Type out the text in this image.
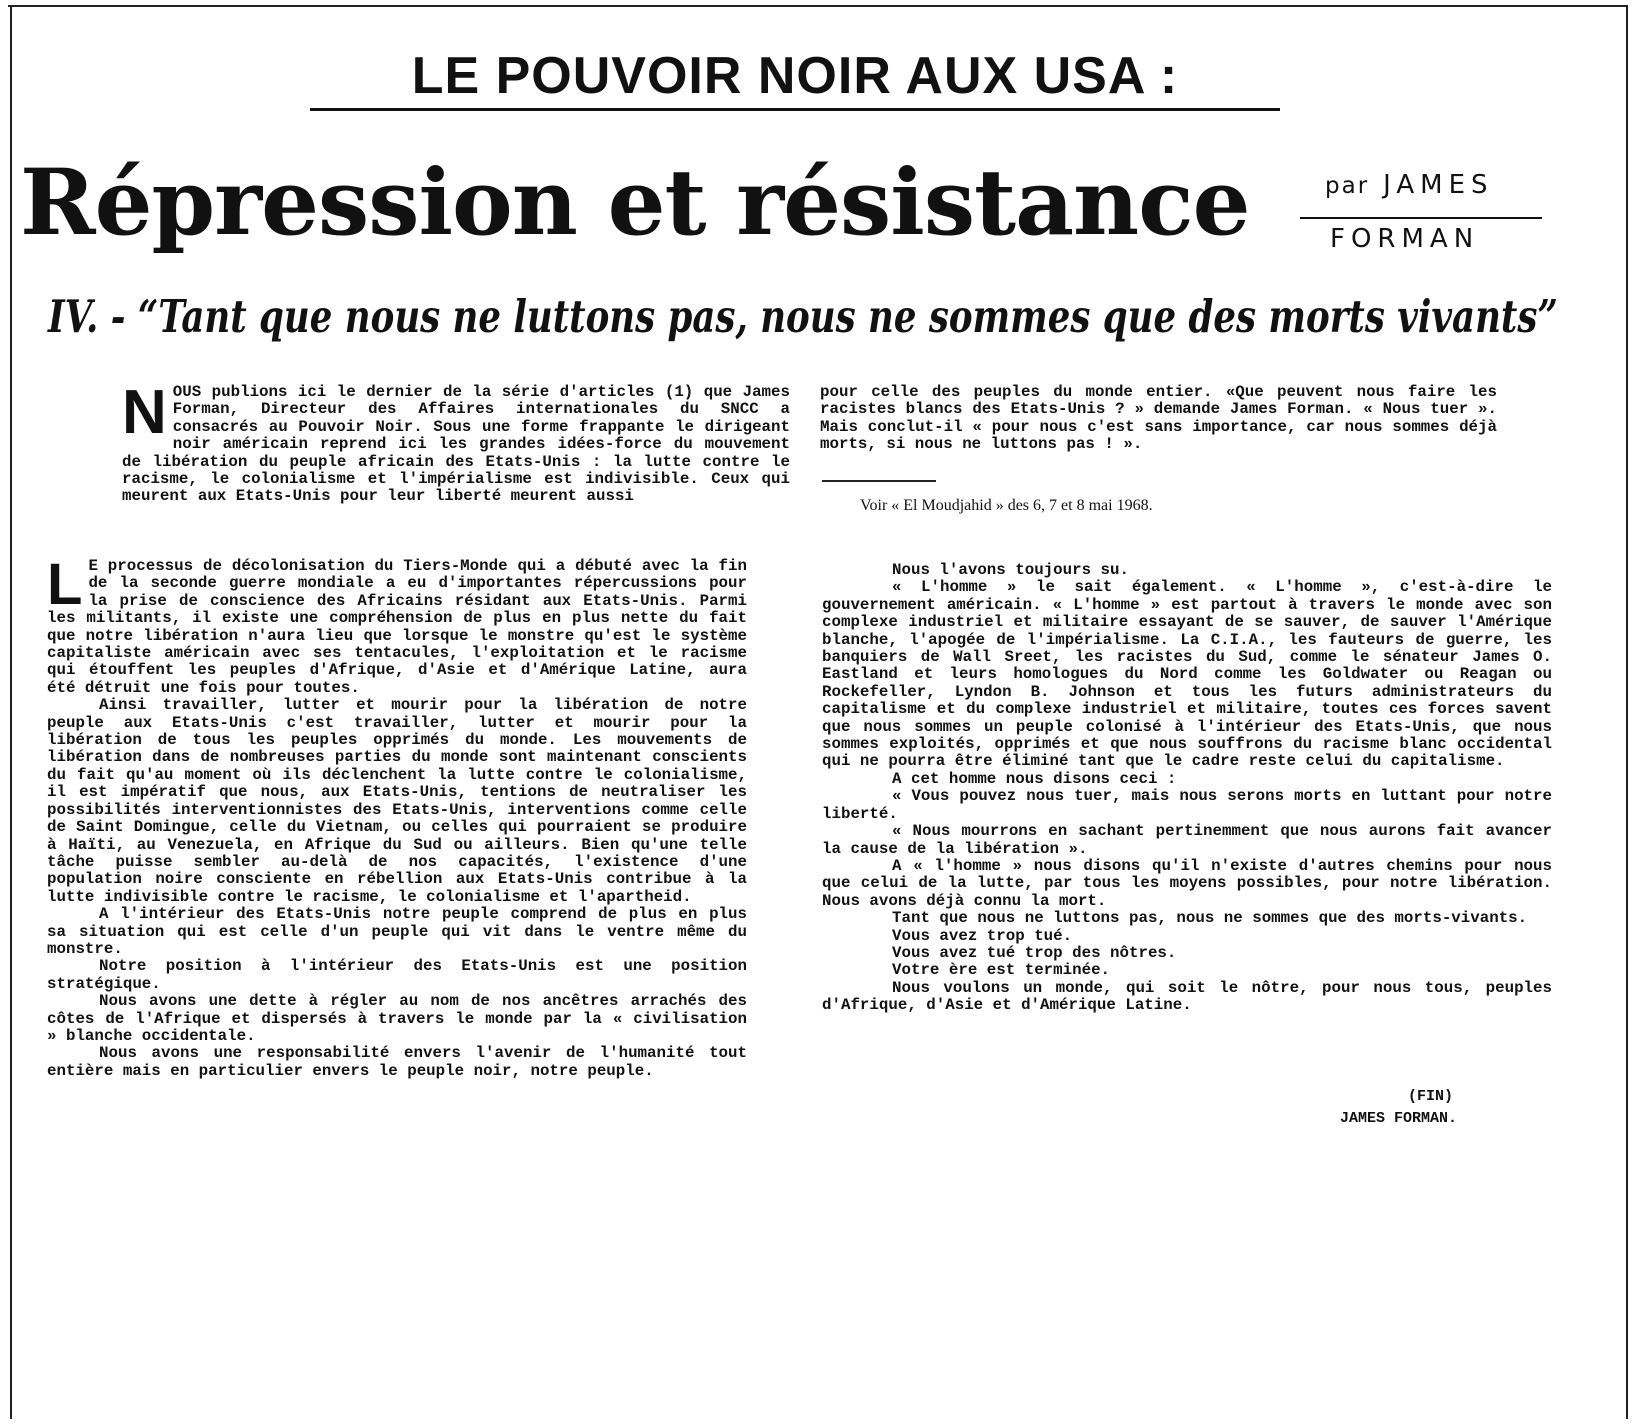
LE POUVOIR NOIR AUX USA :
Répression et résistance	par JAMES
FORMAN
IV. - “Tant que nous ne luttons pas, nous ne sommes que des morts vivants”

NOUS publions ici le dernier de la série d'articles (1) que James Forman, Directeur des Affaires internationales du SNCC a consacrés au Pouvoir Noir. Sous une forme frappante le dirigeant noir américain reprend ici les grandes idées-force du mouvement de libération du peuple africain des Etats-Unis : la lutte contre le racisme, le colonialisme et l'impérialisme est indivisible. Ceux qui meurent aux Etats-Unis pour leur liberté meurent aussi

pour celle des peuples du monde entier. «Que peuvent nous faire les racistes blancs des Etats-Unis ? » demande James Forman. « Nous tuer ». Mais conclut-il « pour nous c'est sans importance, car nous sommes déjà morts, si nous ne luttons pas ! ».

Voir « El Moudjahid » des 6, 7 et 8 mai 1968.

L E processus de décolonisation du Tiers-Monde qui a débuté avec la fin de la seconde guerre mondiale a eu d'importantes répercussions pour la prise de conscience des Africains résidant aux Etats-Unis. Parmi les militants, il existe une compréhension de plus en plus nette du fait que notre libération n'aura lieu que lorsque le monstre qu'est le système capitaliste américain avec ses tentacules, l'exploitation et le racisme qui étouffent les peuples d'Afrique, d'Asie et d'Amérique Latine, aura été détruit une fois pour toutes.

Ainsi travailler, lutter et mourir pour la libération de notre peuple aux Etats-Unis c'est travailler, lutter et mourir pour la libération de tous les peuples opprimés du monde. Les mouvements de libération dans de nombreuses parties du monde sont maintenant conscients du fait qu'au moment où ils déclenchent la lutte contre le colonialisme, il est impératif que nous, aux Etats-Unis, tentions de neutraliser les possibilités interventionnistes des Etats-Unis, interventions comme celle de Saint Domingue, celle du Vietnam, ou celles qui pourraient se produire à Haïti, au Venezuela, en Afrique du Sud ou ailleurs. Bien qu'une telle tâche puisse sembler au-delà de nos capacités, l'existence d'une population noire consciente en rébellion aux Etats-Unis contribue à la lutte indivisible contre le racisme, le colonialisme et l'apartheid.

A l'intérieur des Etats-Unis notre peuple comprend de plus en plus sa situation qui est celle d'un peuple qui vit dans le ventre même du monstre.

Notre position à l'intérieur des Etats-Unis est une position stratégique.

Nous avons une dette à régler au nom de nos ancêtres arrachés des côtes de l'Afrique et dispersés à travers le monde par la « civilisation » blanche occidentale.

Nous avons une responsabilité envers l'avenir de l'humanité tout entière mais en particulier envers le peuple noir, notre peuple.

Nous l'avons toujours su.

« L'homme » le sait également. « L'homme », c'est-à-dire le gouvernement américain. « L'homme » est partout à travers le monde avec son complexe industriel et militaire essayant de se sauver, de sauver l'Amérique blanche, l'apogée de l'impérialisme. La C.I.A., les fauteurs de guerre, les banquiers de Wall Sreet, les racistes du Sud, comme le sénateur James O. Eastland et leurs homologues du Nord comme les Goldwater ou Reagan ou Rockefeller, Lyndon B. Johnson et tous les futurs administrateurs du capitalisme et du complexe industriel et militaire, toutes ces forces savent que nous sommes un peuple colonisé à l'intérieur des Etats-Unis, que nous sommes exploités, opprimés et que nous souffrons du racisme blanc occidental qui ne pourra être éliminé tant que le cadre reste celui du capitalisme.

A cet homme nous disons ceci :

« Vous pouvez nous tuer, mais nous serons morts en luttant pour notre liberté.

« Nous mourrons en sachant pertinemment que nous aurons fait avancer la cause de la libération ».

A « l'homme » nous disons qu'il n'existe d'autres chemins pour nous que celui de la lutte, par tous les moyens possibles, pour notre libération. Nous avons déjà connu la mort.

Tant que nous ne luttons pas, nous ne sommes que des morts-vivants.

Vous avez trop tué.

Vous avez tué trop des nôtres.

Votre ère est terminée.

Nous voulons un monde, qui soit le nôtre, pour nous tous, peuples d'Afrique, d'Asie et d'Amérique Latine.

(FIN)
JAMES FORMAN.
